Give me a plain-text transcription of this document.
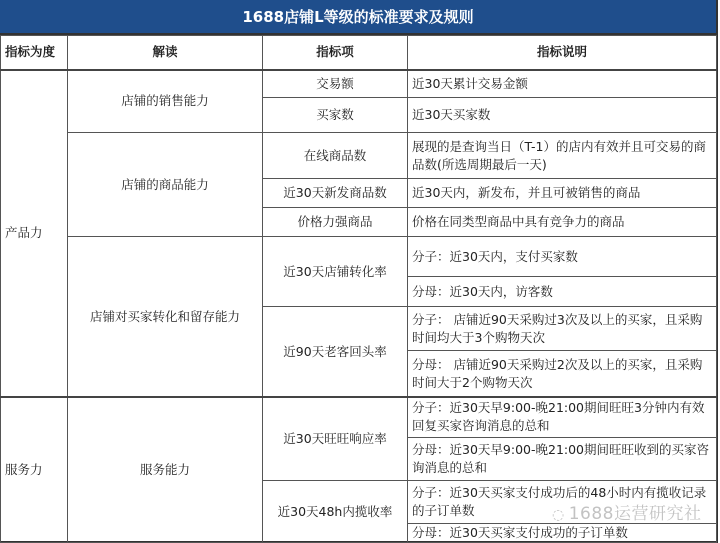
1688店铺L等级的标准要求及规则
指标为度	解读	指标项	指标说明
产品力	店铺的销售能力	交易额	近30天累计交易金额
		买家数	近30天买家数
	店铺的商品能力	在线商品数	展现的是查询当日（T-1）的店内有效并且可交易的商品数(所选周期最后一天)
		近30天新发商品数	近30天内，新发布，并且可被销售的商品
		价格力强商品	价格在同类型商品中具有竞争力的商品
	店铺对买家转化和留存能力	近30天店铺转化率	分子：近30天内，支付买家数
			分母：近30天内，访客数
		近90天老客回头率	分子： 店铺近90天采购过3次及以上的买家，且采购时间均大于3个购物天次
			分母： 店铺近90天采购过2次及以上的买家，且采购时间大于2个购物天次

服务力	服务能力	近30天旺旺响应率	分子：近30天早9:00-晚21:00期间旺旺3分钟内有效回复买家咨询消息的总和
			分母：近30天早9:00-晚21:00期间旺旺收到的买家咨询消息的总和
		近30天48h内揽收率	分子：近30天买家支付成功后的48小时内有揽收记录的子订单数
			分母：近30天买家支付成功的子订单数
◌ 1688运营研究社
